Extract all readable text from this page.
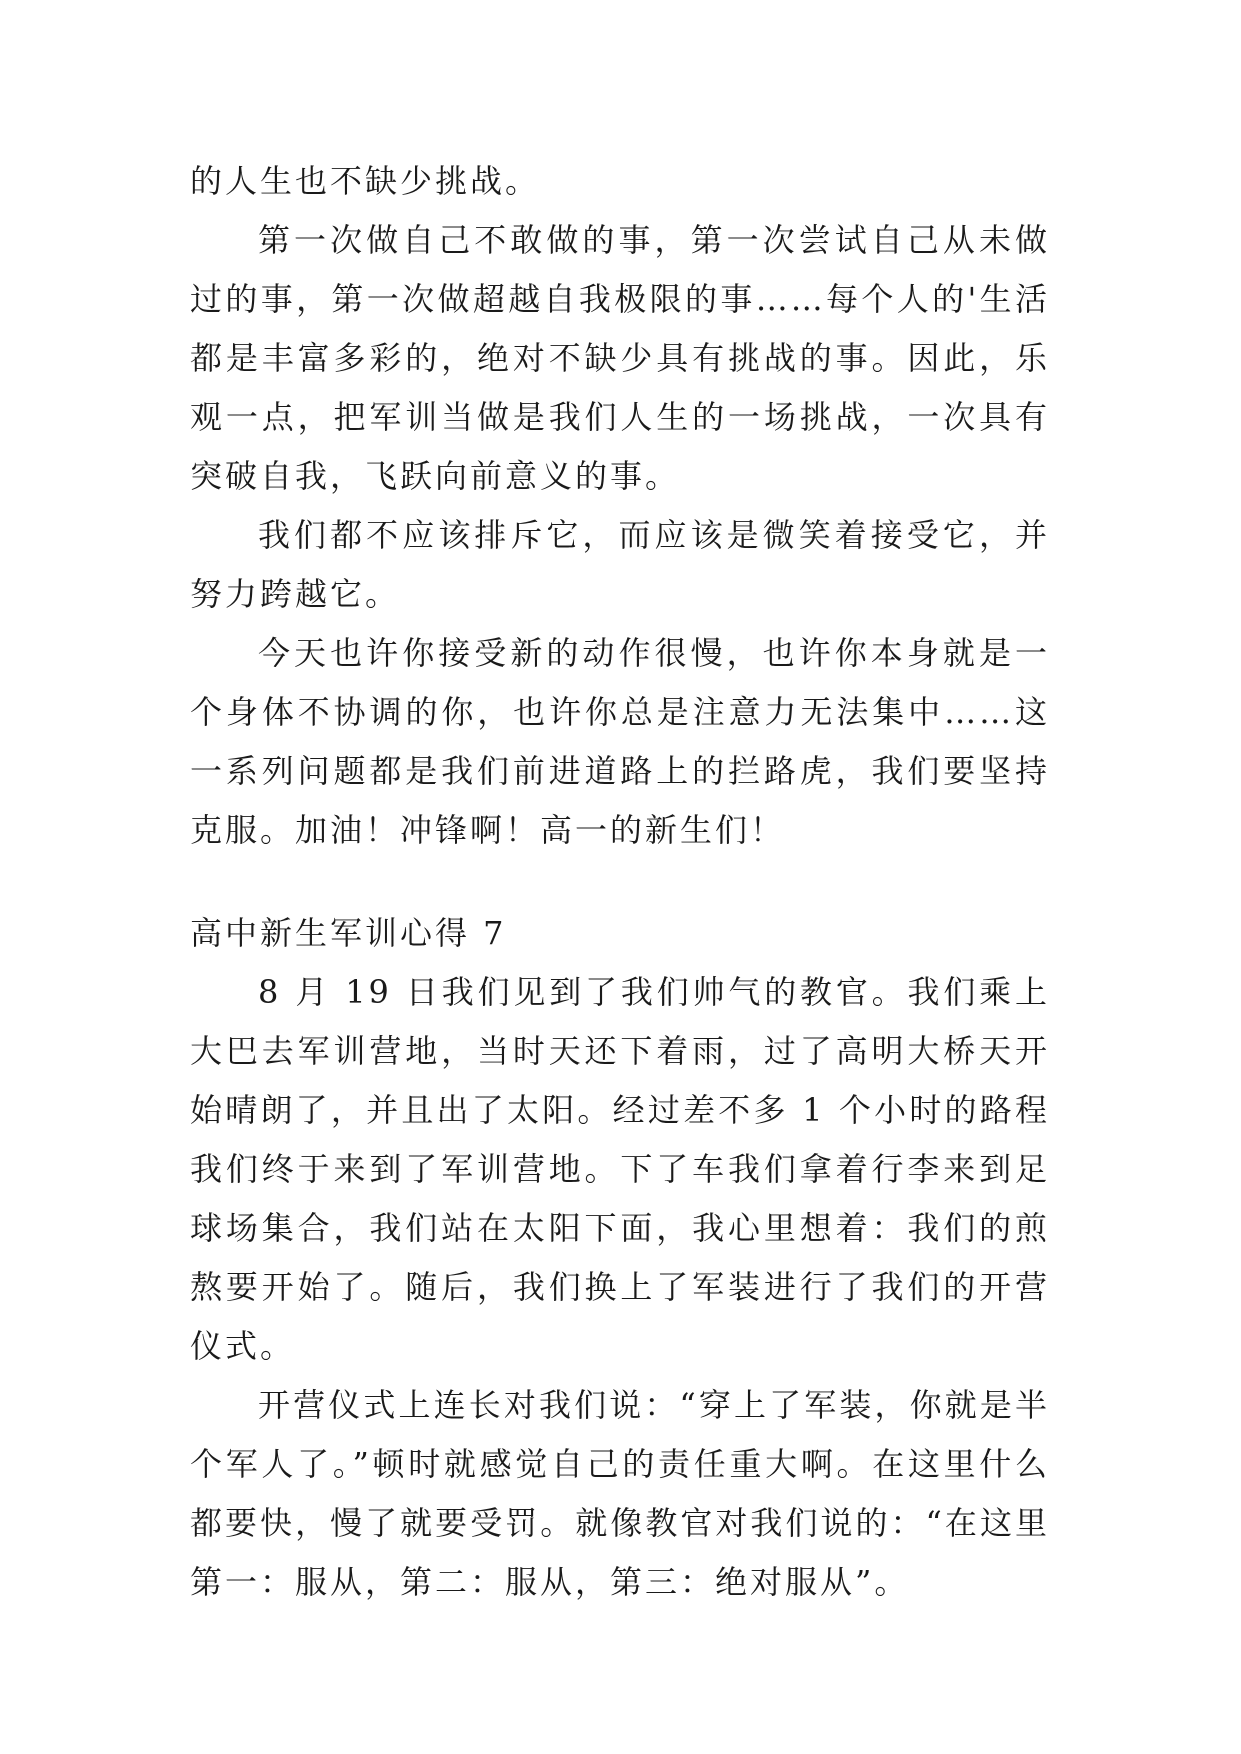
的人生也不缺少挑战。

第一次做自己不敢做的事，第一次尝试自己从未做过的事，第一次做超越自我极限的事……每个人的'生活都是丰富多彩的，绝对不缺少具有挑战的事。因此，乐观一点，把军训当做是我们人生的一场挑战，一次具有突破自我，飞跃向前意义的事。

我们都不应该排斥它，而应该是微笑着接受它，并努力跨越它。

今天也许你接受新的动作很慢，也许你本身就是一个身体不协调的你，也许你总是注意力无法集中……这一系列问题都是我们前进道路上的拦路虎，我们要坚持克服。加油！冲锋啊！高一的新生们！

高中新生军训心得 7

8 月 19 日我们见到了我们帅气的教官。我们乘上大巴去军训营地，当时天还下着雨，过了高明大桥天开始晴朗了，并且出了太阳。经过差不多 1 个小时的路程我们终于来到了军训营地。下了车我们拿着行李来到足球场集合，我们站在太阳下面，我心里想着：我们的煎熬要开始了。随后，我们换上了军装进行了我们的开营仪式。

开营仪式上连长对我们说：“穿上了军装，你就是半个军人了。”顿时就感觉自己的责任重大啊。在这里什么都要快，慢了就要受罚。就像教官对我们说的：“在这里第一：服从，第二：服从，第三：绝对服从”。
